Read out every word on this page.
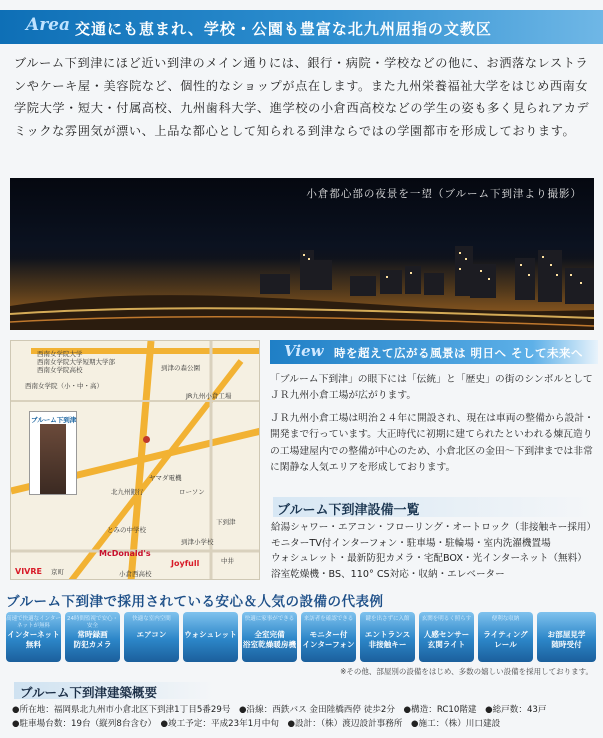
Area 交通にも恵まれ、学校・公園も豊富な北九州屈指の文教区

ブルーム下到津にほど近い到津のメイン通りには、銀行・病院・学校などの他に、お洒落なレストランやケーキ屋・美容院など、個性的なショップが点在します。また九州栄養福祉大学をはじめ西南女学院大学・短大・付属高校、九州歯科大学、進学校の小倉西高校などの学生の姿も多く見られアカデミックな雰囲気が漂い、上品な都心として知られる到津ならではの学園都市を形成しております。

小倉都心部の夜景を一望（ブルーム下到津より撮影）
西南女学院大学
西南女学院大学短期大学部
西南女学院高校	到津の森公園
西南女学院（小・中・高）
ブルーム下到津
JR九州小倉工場
ヤマダ電機
北九州銀行	ローソン
とみの中学校
下到津
到津小学校
小倉西高校
中井
京町
McDonald's
Joyfull
VIVRE
View 時を超えて広がる風景は 明日へ そして未来へ

「ブルーム下到津」の眼下には「伝統」と「歴史」の街のシンボルとしてＪＲ九州小倉工場が広がります。

ＪＲ九州小倉工場は明治２４年に開設され、現在は車両の整備から設計・開発まで行っています。大正時代に初期に建てられたといわれる煉瓦造りの工場建屋内での整備が中心のため、小倉北区の金田～下到津までは非常に閑静な人気エリアを形成しております。

ブルーム下到津設備一覧
給湯シャワー・エアコン・フローリング・オートロック（非接触キー採用）
モニターTV付インターフォン・駐車場・駐輪場・室内洗濯機置場
ウォシュレット・最新防犯カメラ・宅配BOX・光インターネット（無料）
浴室乾燥機・BS、110° CS対応・収納・エレベーター
ブルーム下到津で採用されている安心＆人気の設備の代表例
高速で快適なインターネットが無料
インターネット
無料
24時間監視で安心・安全
常時録画
防犯カメラ
快適な室内空間
エアコン	ウォシュレット
快適に家事ができる
全室完備
浴室乾燥暖房機
来訪者を確認できる
モニター付
インターフォン
鍵を出さずに入館
エントランス
非接触キー
玄関を明るく照らす
人感センサー
玄関ライト
便利な収納
ライティング
レール
お部屋見学
随時受付
※その他、部屋別の設備をはじめ、多数の嬉しい設備を採用しております。
ブルーム下到津建築概要
●所在地：福岡県北九州市小倉北区下到津1丁目5番29号　●沿線：西鉄バス 金田陸橋西停 徒歩2分　●構造：RC10階建　●総戸数：43戸
●駐車場台数：19台（縦列8台含む）　●竣工予定：平成23年1月中旬　●設計：（株）渡辺設計事務所　●施工：（株）川口建設
